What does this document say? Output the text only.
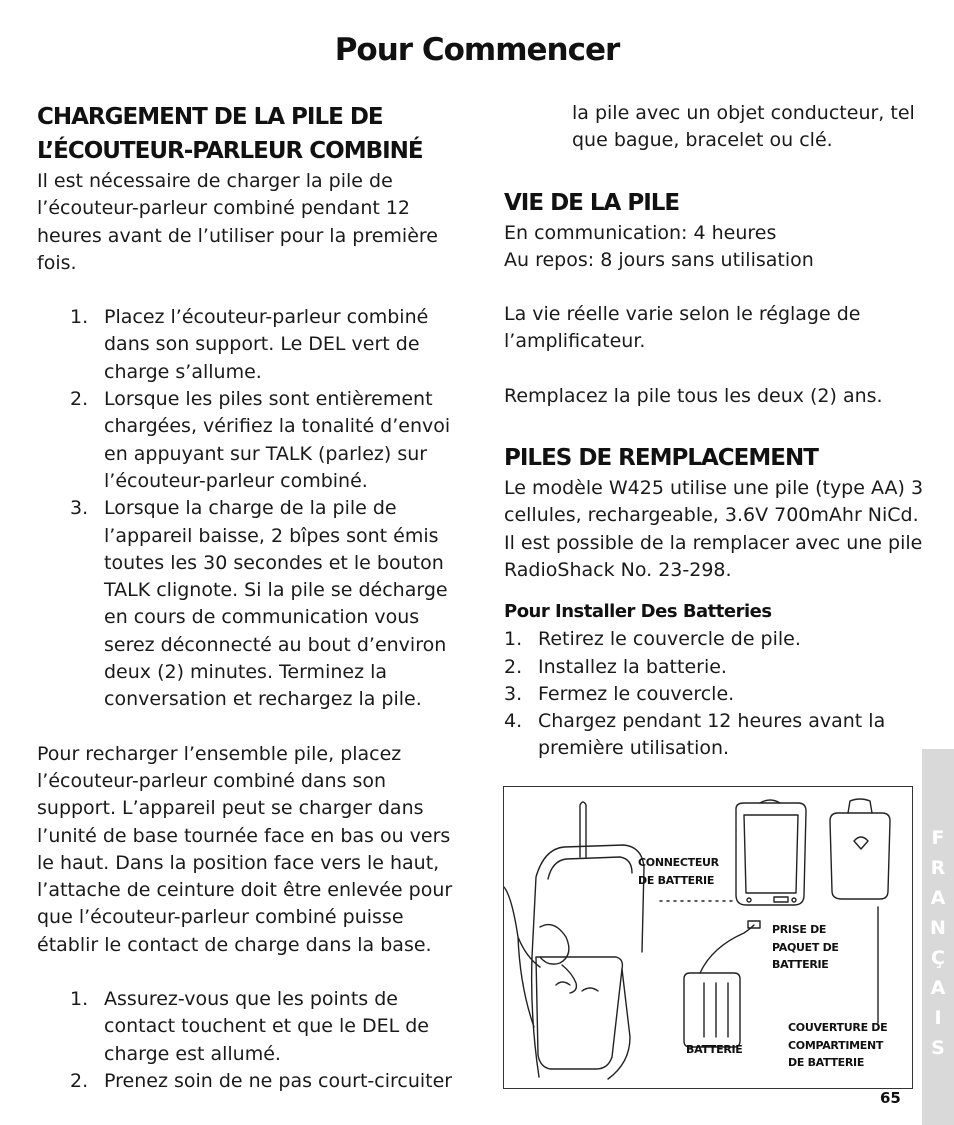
Pour Commencer
CHARGEMENT DE LA PILE DE
L’ÉCOUTEUR-PARLEUR COMBINÉ

Il est nécessaire de charger la pile de l’écouteur-parleur combiné pendant 12 heures avant de l’utiliser pour la première fois.

1. Placez l’écouteur-parleur combiné dans son support. Le DEL vert de charge s’allume.
2. Lorsque les piles sont entièrement chargées, vérifiez la tonalité d’envoi en appuyant sur TALK (parlez) sur l’écouteur-parleur combiné.
3. Lorsque la charge de la pile de l’appareil baisse, 2 bîpes sont émis toutes les 30 secondes et le bouton TALK clignote. Si la pile se décharge en cours de communication vous serez déconnecté au bout d’environ deux (2) minutes. Terminez la conversation et rechargez la pile.

Pour recharger l’ensemble pile, placez l’écouteur-parleur combiné dans son support. L’appareil peut se charger dans l’unité de base tournée face en bas ou vers le haut. Dans la position face vers le haut, l’attache de ceinture doit être enlevée pour que l’écouteur-parleur combiné puisse établir le contact de charge dans la base.

1. Assurez-vous que les points de contact touchent et que le DEL de charge est allumé.
2. Prenez soin de ne pas court-circuiter

la pile avec un objet conducteur, tel que bague, bracelet ou clé.

VIE DE LA PILE

En communication: 4 heures

Au repos: 8 jours sans utilisation

La vie réelle varie selon le réglage de l’amplificateur.

Remplacez la pile tous les deux (2) ans.

PILES DE REMPLACEMENT

Le modèle W425 utilise une pile (type AA) 3 cellules, rechargeable, 3.6V 700mAhr NiCd. Il est possible de la remplacer avec une pile RadioShack No. 23-298.

Pour Installer Des Batteries
1. Retirez le couvercle de pile.
2. Installez la batterie.
3. Fermez le couvercle.
4. Chargez pendant 12 heures avant la première utilisation.
CONNECTEUR
DE BATTERIE
PRISE DE
PAQUET DE
BATTERIE
BATTERIE
COUVERTURE DE
COMPARTIMENT
DE BATTERIE
65
F
R
A
N
Ç
A
I
S
